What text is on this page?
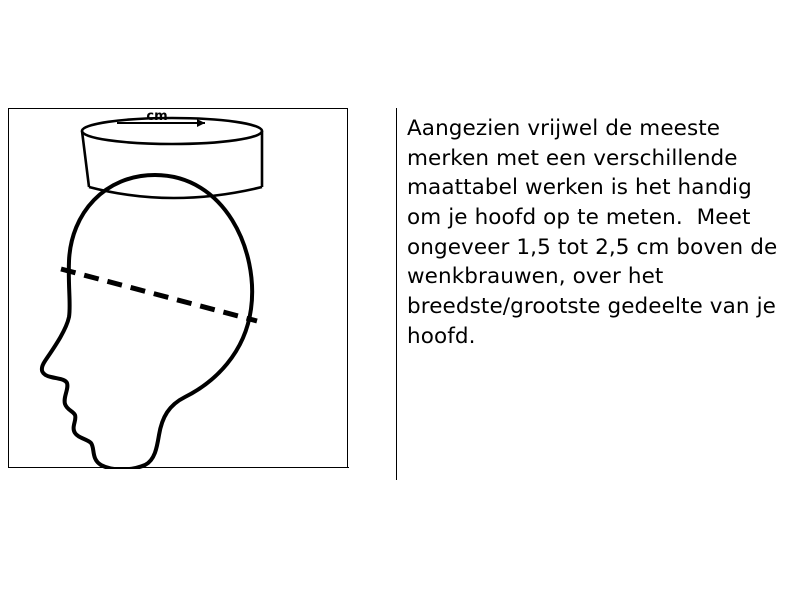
cm	Aangezien vrijwel de meeste merken met een verschillende maattabel werken is het handig om je hoofd op te meten.  Meet ongeveer 1,5 tot 2,5 cm boven de wenkbrauwen, over het breedste/grootste gedeelte van je hoofd.
